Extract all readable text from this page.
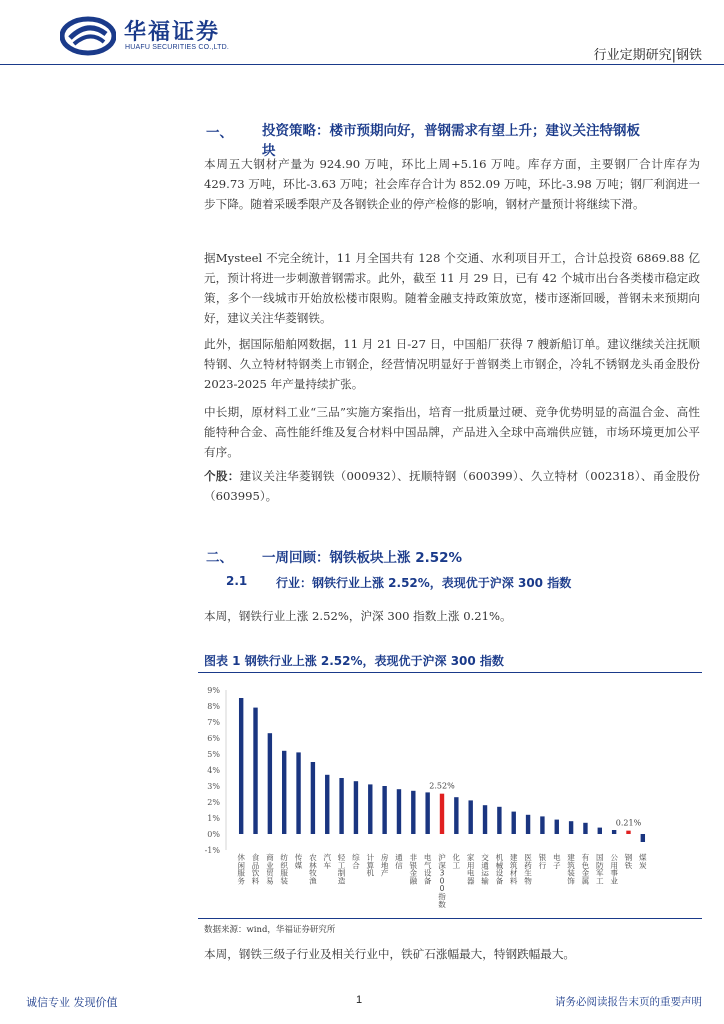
华福证券
HUAFU SECURITIES CO.,LTD.
行业定期研究|钢铁
一、 投资策略：楼市预期向好，普钢需求有望上升；建议关注特钢板
块
本周五大钢材产量为 924.90 万吨，环比上周+5.16 万吨。库存方面，主要钢厂合计库存为 429.73 万吨，环比-3.63 万吨；社会库存合计为 852.09 万吨，环比-3.98 万吨；钢厂利润进一步下降。随着采暖季限产及各钢铁企业的停产检修的影响，钢材产量预计将继续下滑。
据Mysteel 不完全统计，11 月全国共有 128 个交通、水利项目开工，合计总投资 6869.88 亿元，预计将进一步刺激普钢需求。此外，截至 11 月 29 日，已有 42 个城市出台各类楼市稳定政策，多个一线城市开始放松楼市限购。随着金融支持政策放宽，楼市逐渐回暖，普钢未来预期向好，建议关注华菱钢铁。
此外，据国际船舶网数据，11 月 21 日-27 日，中国船厂获得 7 艘新船订单。建议继续关注抚顺特钢、久立特材特钢类上市钢企，经营情况明显好于普钢类上市钢企，冷轧不锈钢龙头甬金股份 2023-2025 年产量持续扩张。
中长期，原材料工业“三品”实施方案指出，培育一批质量过硬、竞争优势明显的高温合金、高性能特种合金、高性能纤维及复合材料中国品牌，产品进入全球中高端供应链，市场环境更加公平有序。
个股：建议关注华菱钢铁（000932）、抚顺特钢（600399）、久立特材（002318）、甬金股份（603995）。
二、 一周回顾：钢铁板块上涨 2.52%
2.1 行业：钢铁行业上涨 2.52%，表现优于沪深 300 指数
本周，钢铁行业上涨 2.52%，沪深 300 指数上涨 0.21%。
图表 1 钢铁行业上涨 2.52%，表现优于沪深 300 指数
9%
8%
7%
6%
5%
4%
3%
2%
1%
0%
-1%
休闲服务
食品饮料
商业贸易
纺织服装
传媒
农林牧渔
汽车
轻工制造
综合
计算机
房地产
通信
非银金融
电气设备
沪深 3 0 0 指数
化工
家用电器
交通运输
机械设备
建筑材料
医药生物
银行
电子
建筑装饰
有色金属
国防军工
公用事业
钢铁
煤炭
2.52%
0.21%
数据来源：wind，华福证券研究所
本周，钢铁三级子行业及相关行业中，铁矿石涨幅最大，特钢跌幅最大。
诚信专业 发现价值	1	请务必阅读报告末页的重要声明
